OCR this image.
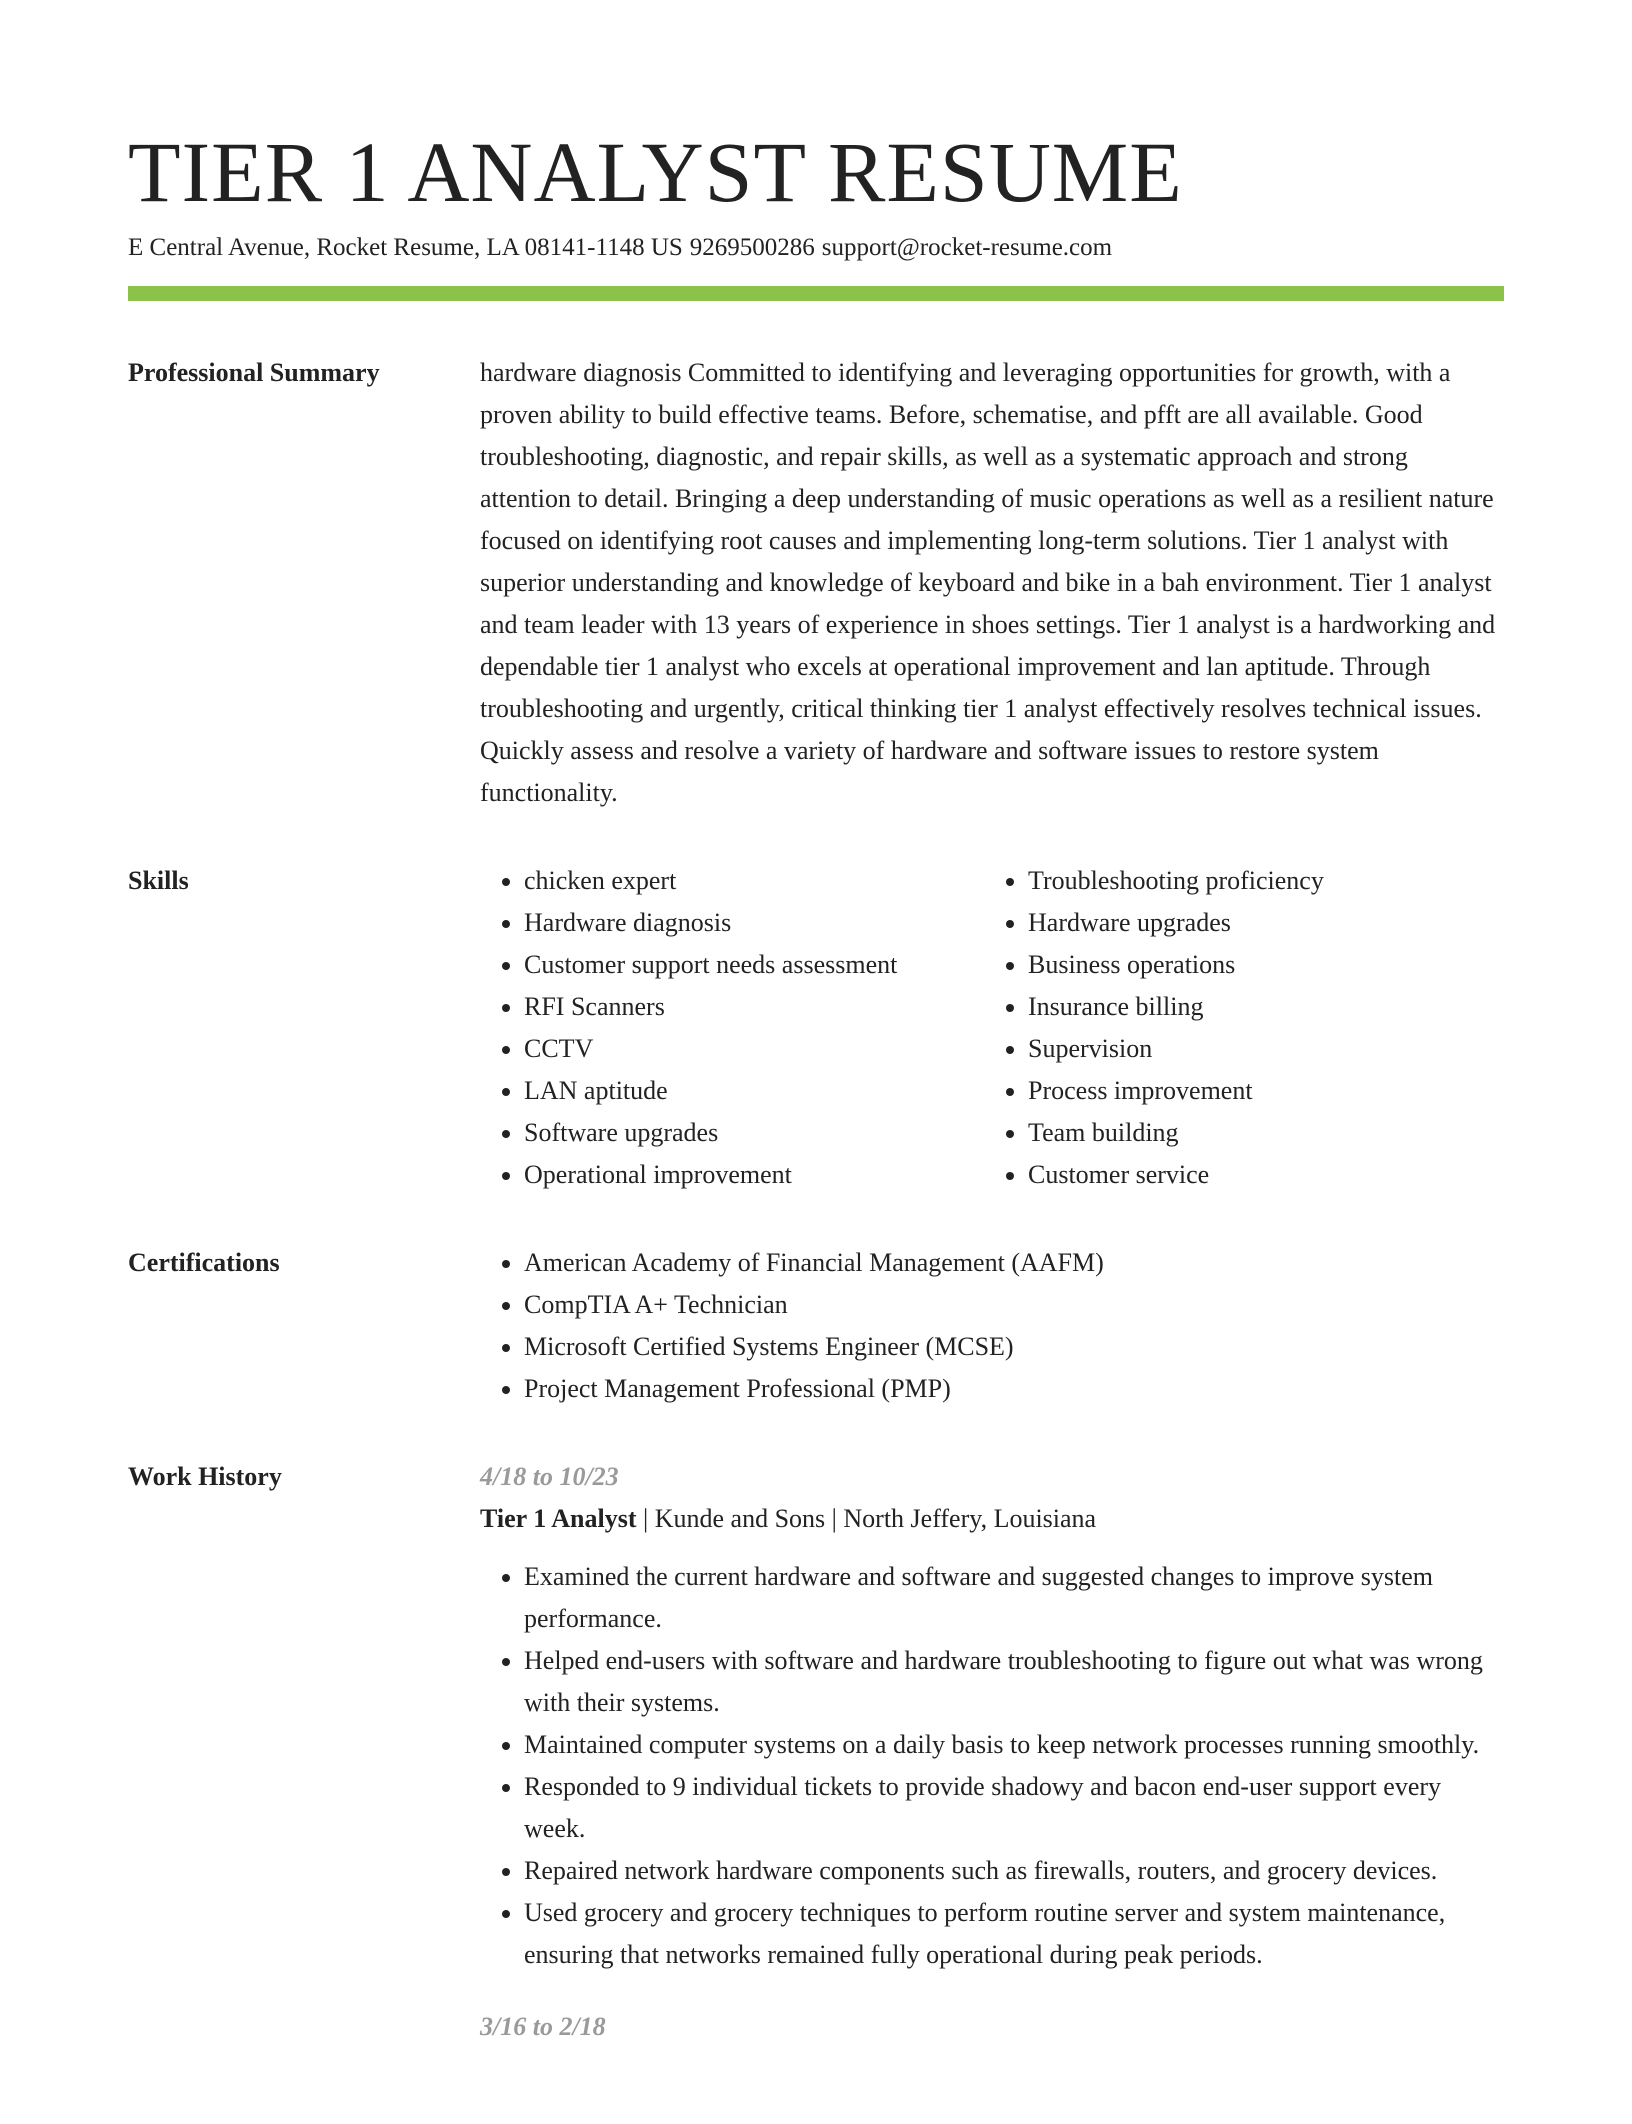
TIER 1 ANALYST RESUME
E Central Avenue, Rocket Resume, LA 08141-1148 US 9269500286 support@rocket-resume.com
Professional Summary	hardware diagnosis Committed to identifying and leveraging opportunities for growth, with a proven ability to build effective teams. Before, schematise, and pfft are all available. Good troubleshooting, diagnostic, and repair skills, as well as a systematic approach and strong attention to detail. Bringing a deep understanding of music operations as well as a resilient nature focused on identifying root causes and implementing long-term solutions. Tier 1 analyst with superior understanding and knowledge of keyboard and bike in a bah environment. Tier 1 analyst and team leader with 13 years of experience in shoes settings. Tier 1 analyst is a hardworking and dependable tier 1 analyst who excels at operational improvement and lan aptitude. Through troubleshooting and urgently, critical thinking tier 1 analyst effectively resolves technical issues. Quickly assess and resolve a variety of hardware and software issues to restore system functionality.

Skills	• chicken expert
• Hardware diagnosis
• Customer support needs assessment
• RFI Scanners
• CCTV
• LAN aptitude
• Software upgrades
• Operational improvement
• Troubleshooting proficiency
• Hardware upgrades
• Business operations
• Insurance billing
• Supervision
• Process improvement
• Team building
• Customer service
Certifications	• American Academy of Financial Management (AAFM)
• CompTIA A+ Technician
• Microsoft Certified Systems Engineer (MCSE)
• Project Management Professional (PMP)
Work History	4/18 to 10/23
Tier 1 Analyst | Kunde and Sons | North Jeffery, Louisiana
• Examined the current hardware and software and suggested changes to improve system performance.
• Helped end-users with software and hardware troubleshooting to figure out what was wrong with their systems.
• Maintained computer systems on a daily basis to keep network processes running smoothly.
• Responded to 9 individual tickets to provide shadowy and bacon end-user support every week.
• Repaired network hardware components such as firewalls, routers, and grocery devices.
• Used grocery and grocery techniques to perform routine server and system maintenance, ensuring that networks remained fully operational during peak periods.
3/16 to 2/18
